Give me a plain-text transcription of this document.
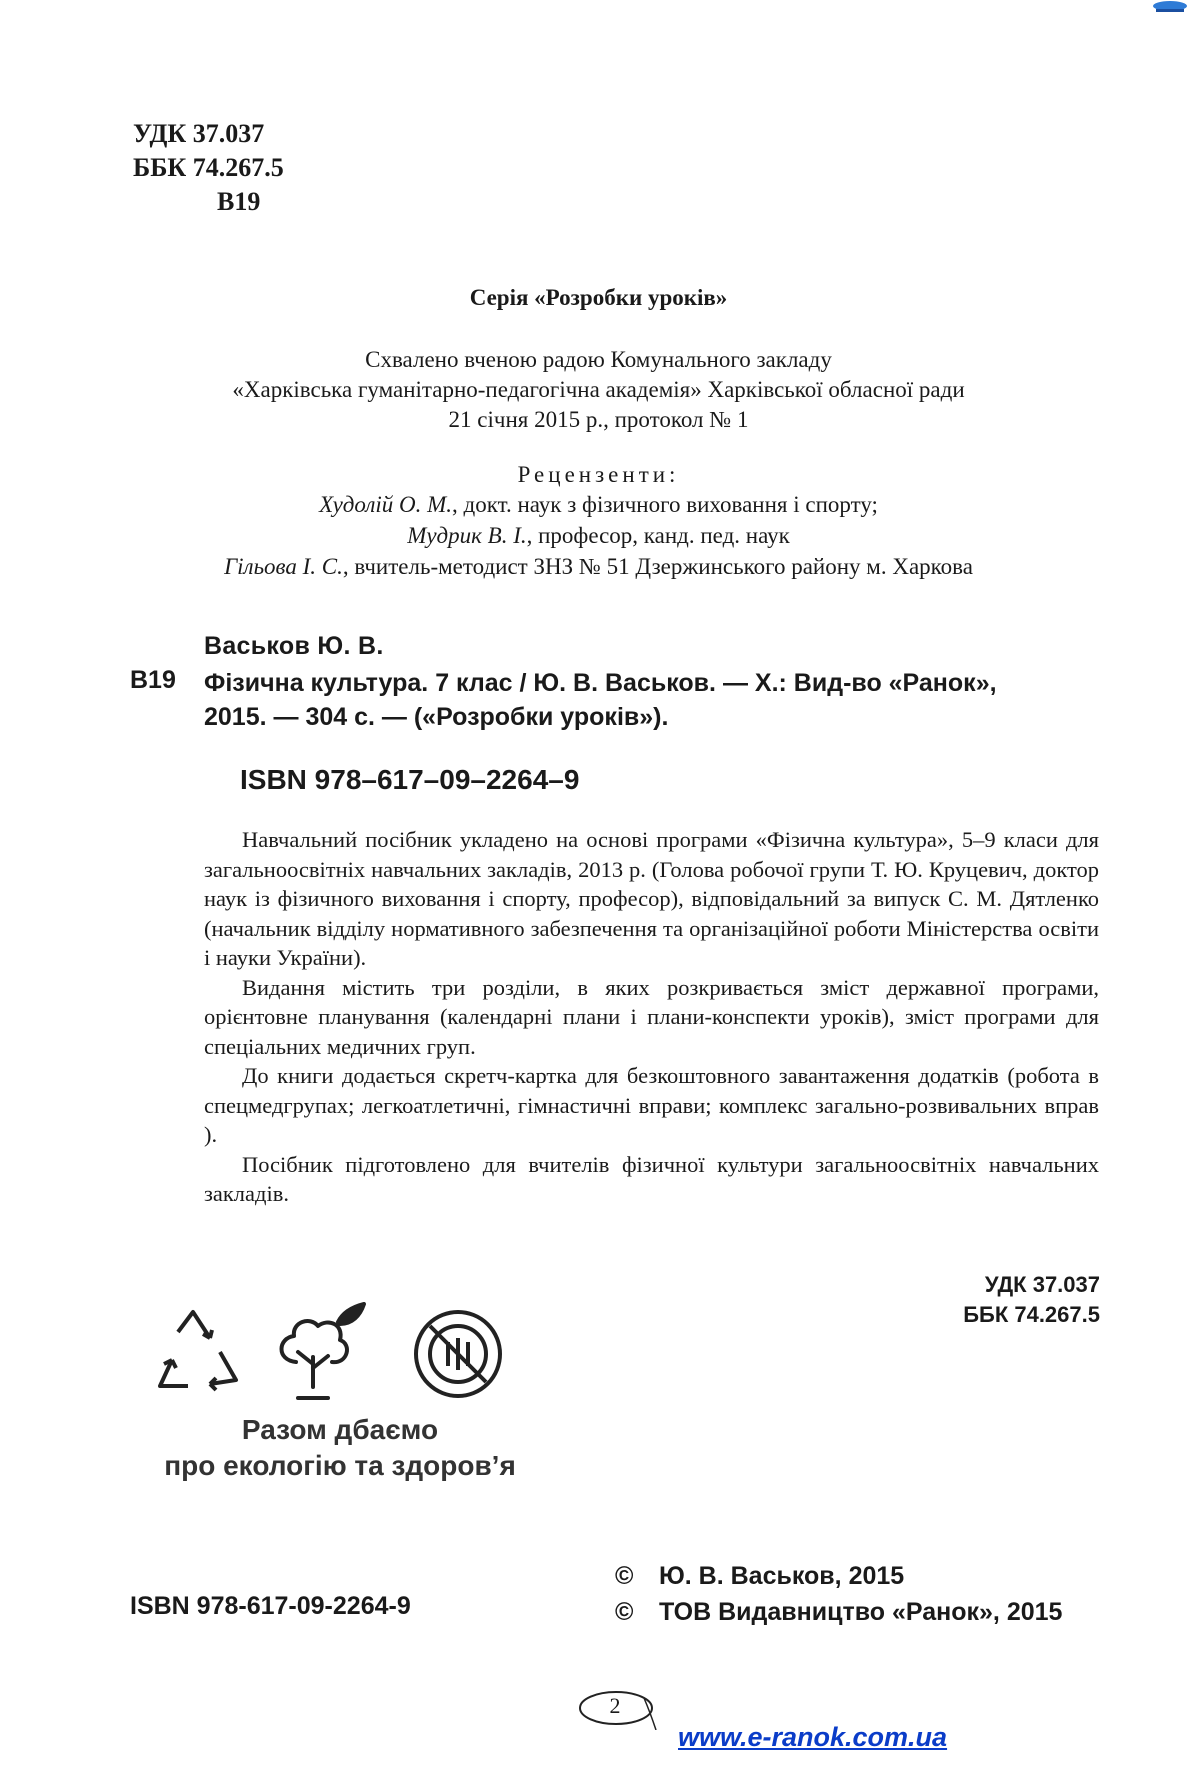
УДК 37.037
ББК 74.267.5
В19
Серія «Розробки уроків»
Схвалено вченою радою Комунального закладу
«Харківська гуманітарно-педагогічна академія» Харківської обласної ради
21 січня 2015 р., протокол № 1
Рецензенти:
Худолій О. М., докт. наук з фізичного виховання і спорту;
Мудрик В. І., професор, канд. пед. наук
Гільова І. С., вчитель-методист ЗНЗ № 51 Дзержинського району м. Харкова
Васьков Ю. В.
В19 Фізична культура. 7 клас / Ю. В. Васьков. — Х.: Вид-во «Ранок»,
2015. — 304 с. — («Розробки уроків»).
ISBN 978–617–09–2264–9

Навчальний посібник укладено на основі програми «Фізична культура», 5–9 класи для загальноосвітніх навчальних закладів, 2013 р. (Голова робочої групи Т. Ю. Круцевич, доктор наук із фізичного виховання і спорту, професор), відповідальний за випуск С. М. Дятленко (начальник відділу нормативного забезпечення та організаційної роботи Міністерства освіти і науки України).

Видання містить три розділи, в яких розкривається зміст державної програми, орієнтовне планування (календарні плани і плани-конспекти уроків), зміст програми для спеціальних медичних груп.

До книги додається скретч-картка для безкоштовного завантаження додатків (робота в спецмедгрупах; легкоатлетичні, гімнастичні вправи; комплекс загально-розвивальних вправ ).

Посібник підготовлено для вчителів фізичної культури загальноосвітніх навчальних закладів.

УДК 37.037
ББК 74.267.5
Разом дбаємо
про екологію та здоров’я
© Ю. В. Васьков, 2015
© ТОВ Видавництво «Ранок», 2015
ISBN 978-617-09-2264-9
2
www.e-ranok.com.ua
